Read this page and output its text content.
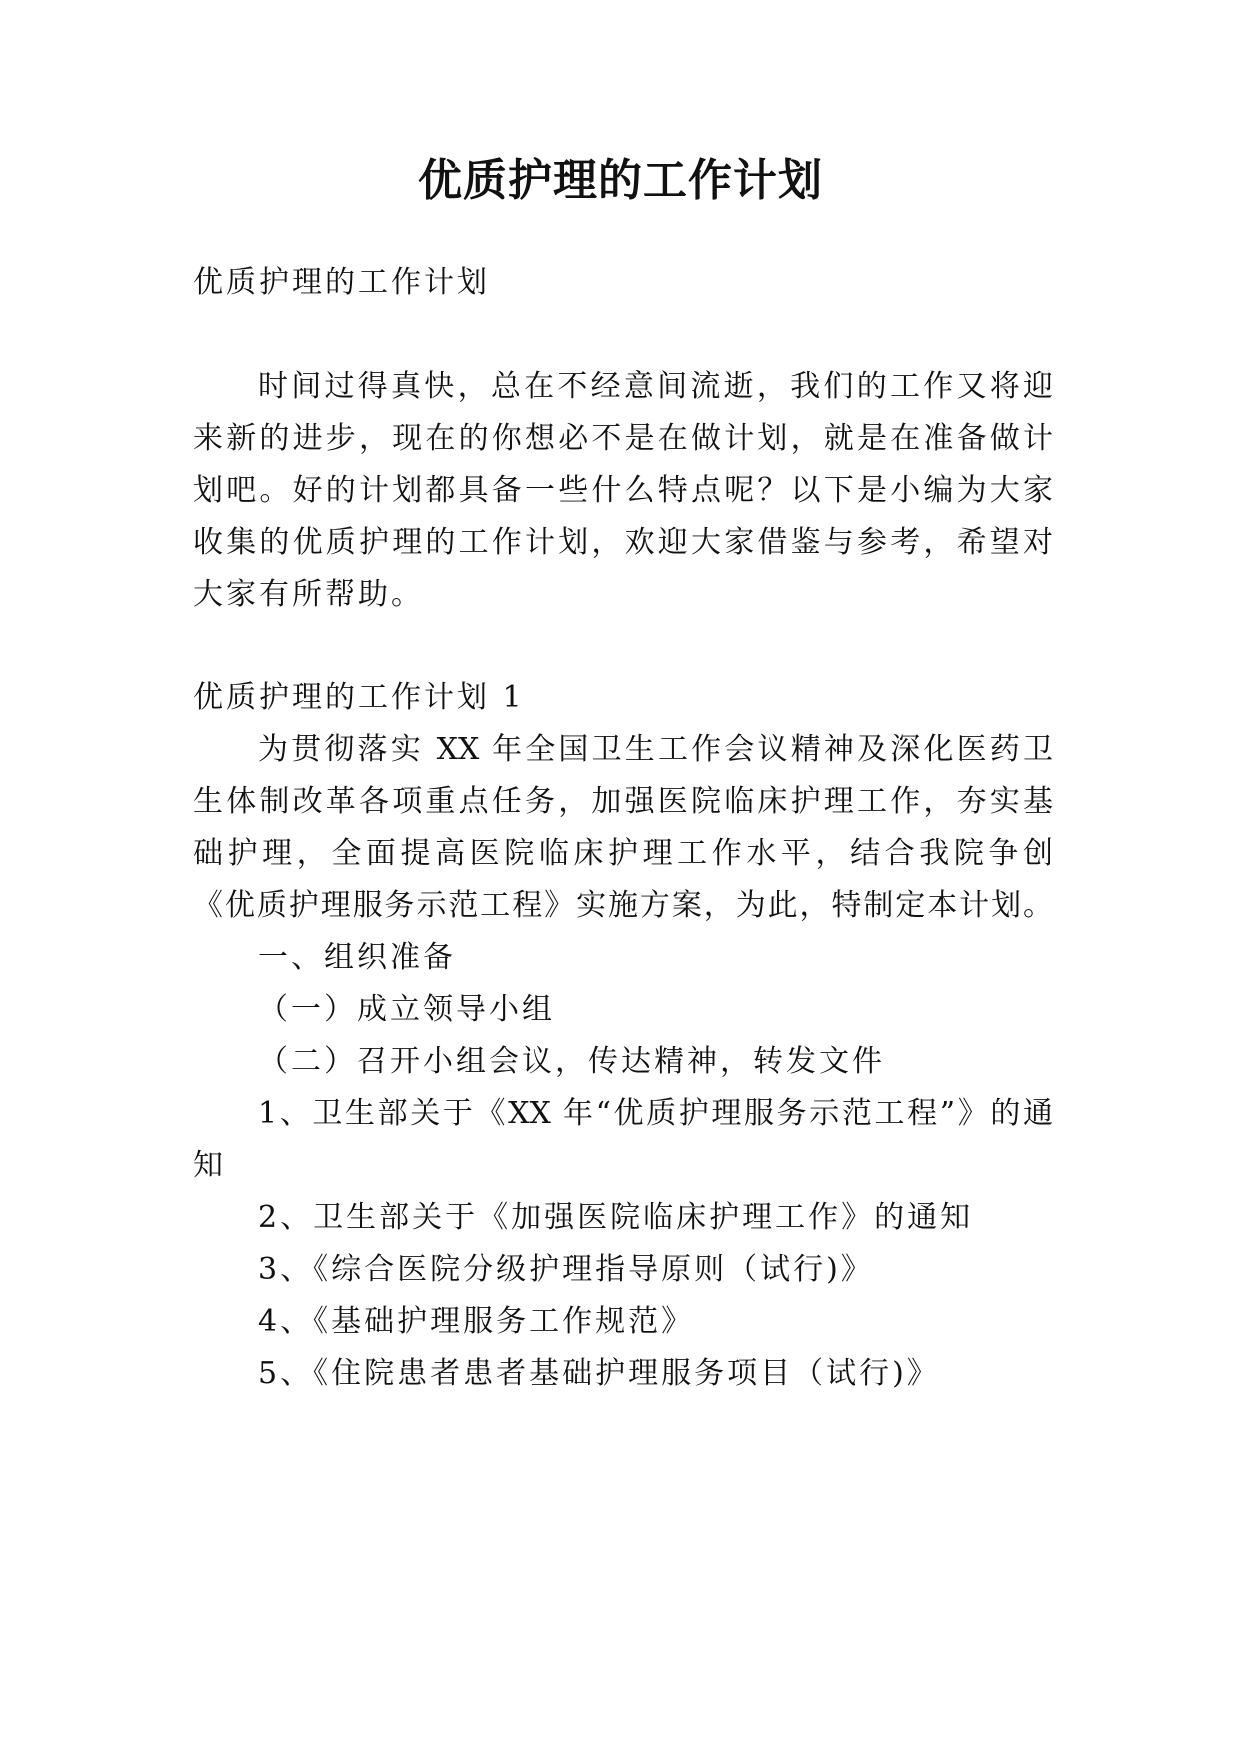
优质护理的工作计划
优质护理的工作计划
时间过得真快，总在不经意间流逝，我们的工作又将迎
来新的进步，现在的你想必不是在做计划，就是在准备做计
划吧。好的计划都具备一些什么特点呢？以下是小编为大家
收集的优质护理的工作计划，欢迎大家借鉴与参考，希望对
大家有所帮助。
优质护理的工作计划 1
为贯彻落实 XX 年全国卫生工作会议精神及深化医药卫
生体制改革各项重点任务，加强医院临床护理工作，夯实基
础护理，全面提高医院临床护理工作水平，结合我院争创
《优质护理服务示范工程》实施方案，为此，特制定本计划。
一、组织准备
（一）成立领导小组
（二）召开小组会议，传达精神，转发文件
1、卫生部关于《XX 年“优质护理服务示范工程”》的通
知
2、卫生部关于《加强医院临床护理工作》的通知
3、《综合医院分级护理指导原则（试行)》
4、《基础护理服务工作规范》
5、《住院患者患者基础护理服务项目（试行)》
